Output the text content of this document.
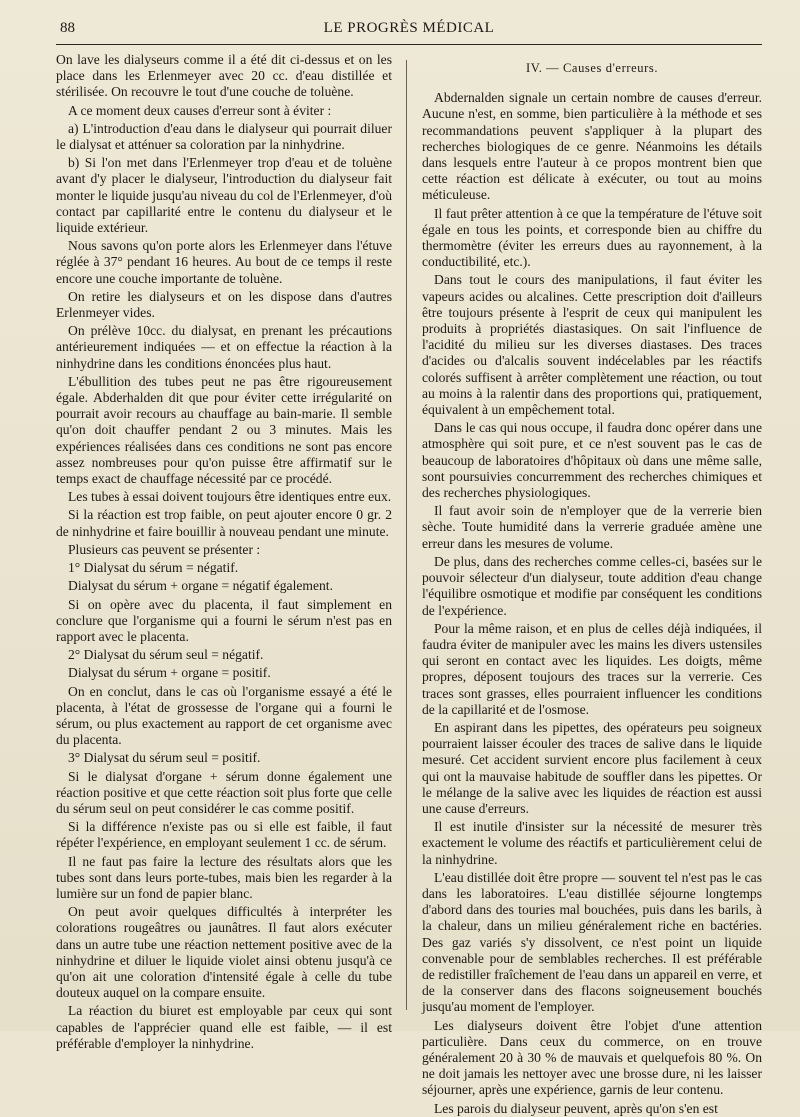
88	LE PROGRÈS MÉDICAL

On lave les dialyseurs comme il a été dit ci-dessus et on les place dans les Erlenmeyer avec 20 cc. d'eau distillée et stérilisée. On recouvre le tout d'une couche de toluène.

A ce moment deux causes d'erreur sont à éviter :

a) L'introduction d'eau dans le dialyseur qui pourrait diluer le dialysat et atténuer sa coloration par la ninhydrine.

b) Si l'on met dans l'Erlenmeyer trop d'eau et de toluène avant d'y placer le dialyseur, l'introduction du dialyseur fait monter le liquide jusqu'au niveau du col de l'Erlenmeyer, d'où contact par capillarité entre le contenu du dialyseur et le liquide extérieur.

Nous savons qu'on porte alors les Erlenmeyer dans l'étuve réglée à 37° pendant 16 heures. Au bout de ce temps il reste encore une couche importante de toluène.

On retire les dialyseurs et on les dispose dans d'autres Erlenmeyer vides.

On prélève 10cc. du dialysat, en prenant les précautions antérieurement indiquées — et on effectue la réaction à la ninhydrine dans les conditions énoncées plus haut.

L'ébullition des tubes peut ne pas être rigoureusement égale. Abderhalden dit que pour éviter cette irrégularité on pourrait avoir recours au chauffage au bain-marie. Il semble qu'on doit chauffer pendant 2 ou 3 minutes. Mais les expériences réalisées dans ces conditions ne sont pas encore assez nombreuses pour qu'on puisse être affirmatif sur le temps exact de chauffage nécessité par ce procédé.

Les tubes à essai doivent toujours être identiques entre eux.

Si la réaction est trop faible, on peut ajouter encore 0 gr. 2 de ninhydrine et faire bouillir à nouveau pendant une minute.

Plusieurs cas peuvent se présenter :

1° Dialysat du sérum = négatif.

Dialysat du sérum + organe = négatif également.

Si on opère avec du placenta, il faut simplement en conclure que l'organisme qui a fourni le sérum n'est pas en rapport avec le placenta.

2° Dialysat du sérum seul = négatif.

Dialysat du sérum + organe = positif.

On en conclut, dans le cas où l'organisme essayé a été le placenta, à l'état de grossesse de l'organe qui a fourni le sérum, ou plus exactement au rapport de cet organisme avec du placenta.

3° Dialysat du sérum seul = positif.

Si le dialysat d'organe + sérum donne également une réaction positive et que cette réaction soit plus forte que celle du sérum seul on peut considérer le cas comme positif.

Si la différence n'existe pas ou si elle est faible, il faut répéter l'expérience, en employant seulement 1 cc. de sérum.

Il ne faut pas faire la lecture des résultats alors que les tubes sont dans leurs porte-tubes, mais bien les regarder à la lumière sur un fond de papier blanc.

On peut avoir quelques difficultés à interpréter les colorations rougeâtres ou jaunâtres. Il faut alors exécuter dans un autre tube une réaction nettement positive avec de la ninhydrine et diluer le liquide violet ainsi obtenu jusqu'à ce qu'on ait une coloration d'intensité égale à celle du tube douteux auquel on la compare ensuite.

La réaction du biuret est employable par ceux qui sont capables de l'apprécier quand elle est faible, — il est préférable d'employer la ninhydrine.

IV. — Causes d'erreurs.

Abdernalden signale un certain nombre de causes d'erreur. Aucune n'est, en somme, bien particulière à la méthode et ses recommandations peuvent s'appliquer à la plupart des recherches biologiques de ce genre. Néanmoins les détails dans lesquels entre l'auteur à ce propos montrent bien que cette réaction est délicate à exécuter, ou tout au moins méticuleuse.

Il faut prêter attention à ce que la température de l'étuve soit égale en tous les points, et corresponde bien au chiffre du thermomètre (éviter les erreurs dues au rayonnement, à la conductibilité, etc.).

Dans tout le cours des manipulations, il faut éviter les vapeurs acides ou alcalines. Cette prescription doit d'ailleurs être toujours présente à l'esprit de ceux qui manipulent les produits à propriétés diastasiques. On sait l'influence de l'acidité du milieu sur les diverses diastases. Des traces d'acides ou d'alcalis souvent indécelables par les réactifs colorés suffisent à arrêter complètement une réaction, ou tout au moins à la ralentir dans des proportions qui, pratiquement, équivalent à un empêchement total.

Dans le cas qui nous occupe, il faudra donc opérer dans une atmosphère qui soit pure, et ce n'est souvent pas le cas de beaucoup de laboratoires d'hôpitaux où dans une même salle, sont poursuivies concurremment des recherches chimiques et des recherches physiologiques.

Il faut avoir soin de n'employer que de la verrerie bien sèche. Toute humidité dans la verrerie graduée amène une erreur dans les mesures de volume.

De plus, dans des recherches comme celles-ci, basées sur le pouvoir sélecteur d'un dialyseur, toute addition d'eau change l'équilibre osmotique et modifie par conséquent les conditions de l'expérience.

Pour la même raison, et en plus de celles déjà indiquées, il faudra éviter de manipuler avec les mains les divers ustensiles qui seront en contact avec les liquides. Les doigts, même propres, déposent toujours des traces sur la verrerie. Ces traces sont grasses, elles pourraient influencer les conditions de la capillarité et de l'osmose.

En aspirant dans les pipettes, des opérateurs peu soigneux pourraient laisser écouler des traces de salive dans le liquide mesuré. Cet accident survient encore plus facilement à ceux qui ont la mauvaise habitude de souffler dans les pipettes. Or le mélange de la salive avec les liquides de réaction est aussi une cause d'erreurs.

Il est inutile d'insister sur la nécessité de mesurer très exactement le volume des réactifs et particulièrement celui de la ninhydrine.

L'eau distillée doit être propre — souvent tel n'est pas le cas dans les laboratoires. L'eau distillée séjourne longtemps d'abord dans des touries mal bouchées, puis dans les barils, à la chaleur, dans un milieu généralement riche en bactéries. Des gaz variés s'y dissolvent, ce n'est point un liquide convenable pour de semblables recherches. Il est préférable de redistiller fraîchement de l'eau dans un appareil en verre, et de la conserver dans des flacons soigneusement bouchés jusqu'au moment de l'employer.

Les dialyseurs doivent être l'objet d'une attention particulière. Dans ceux du commerce, on en trouve généralement 20 à 30 % de mauvais et quelquefois 80 %. On ne doit jamais les nettoyer avec une brosse dure, ni les laisser séjourner, après une expérience, garnis de leur contenu.

Les parois du dialyseur peuvent, après qu'on s'en est
